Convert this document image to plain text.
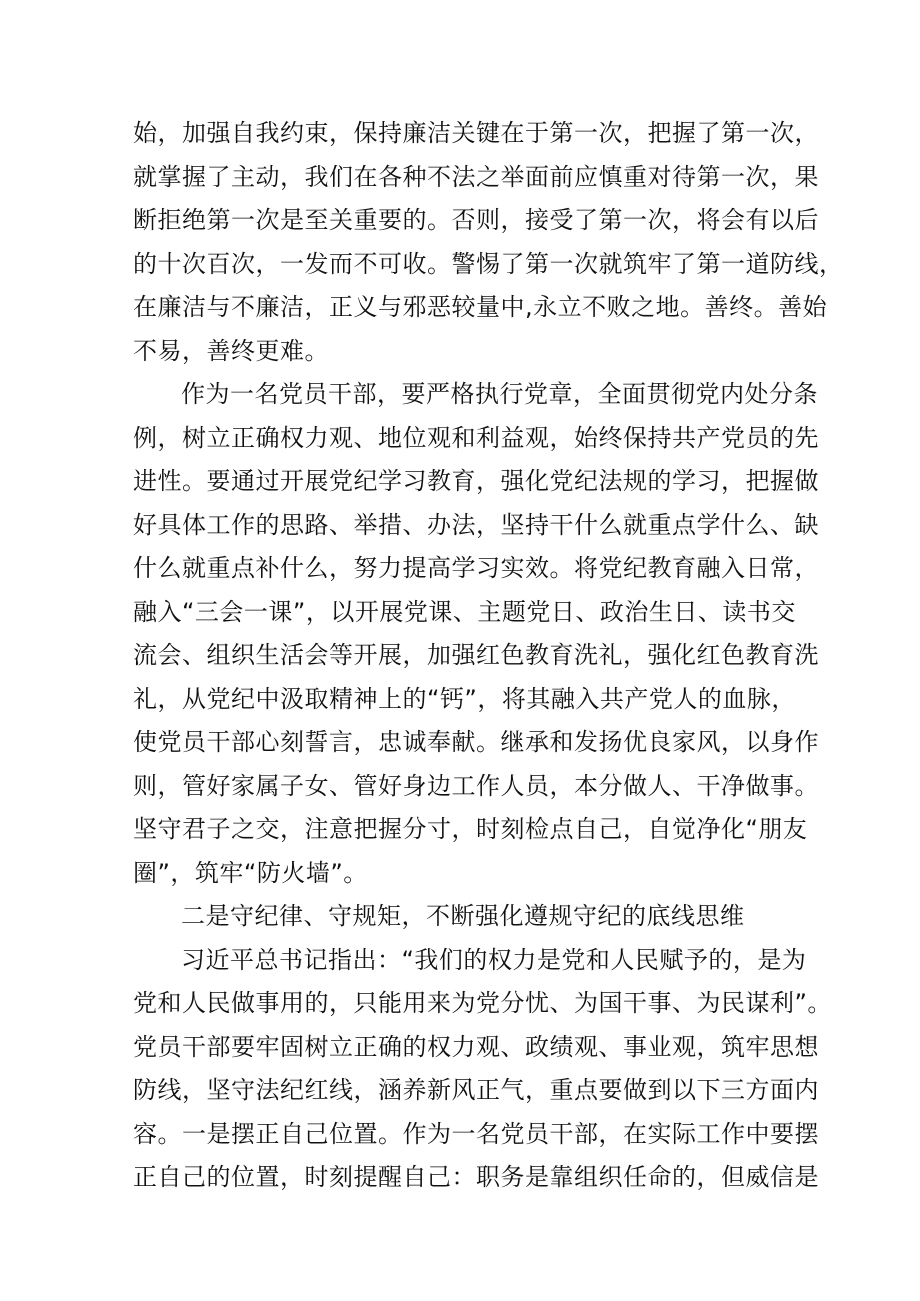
始，加强自我约束，保持廉洁关键在于第一次，把握了第一次，
就掌握了主动，我们在各种不法之举面前应慎重对待第一次，果
断拒绝第一次是至关重要的。否则，接受了第一次，将会有以后
的十次百次，一发而不可收。警惕了第一次就筑牢了第一道防线，
在廉洁与不廉洁，正义与邪恶较量中,永立不败之地。善终。善始
不易，善终更难。
作为一名党员干部，要严格执行党章，全面贯彻党内处分条
例，树立正确权力观、地位观和利益观，始终保持共产党员的先
进性。要通过开展党纪学习教育，强化党纪法规的学习，把握做
好具体工作的思路、举措、办法，坚持干什么就重点学什么、缺
什么就重点补什么，努力提高学习实效。将党纪教育融入日常，
融入“三会一课”，以开展党课、主题党日、政治生日、读书交
流会、组织生活会等开展，加强红色教育洗礼，强化红色教育洗
礼，从党纪中汲取精神上的“钙”，将其融入共产党人的血脉，
使党员干部心刻誓言，忠诚奉献。继承和发扬优良家风，以身作
则，管好家属子女、管好身边工作人员，本分做人、干净做事。
坚守君子之交，注意把握分寸，时刻检点自己，自觉净化“朋友
圈”，筑牢“防火墙”。
二是守纪律、守规矩，不断强化遵规守纪的底线思维
习近平总书记指出：“我们的权力是党和人民赋予的，是为
党和人民做事用的，只能用来为党分忧、为国干事、为民谋利”。
党员干部要牢固树立正确的权力观、政绩观、事业观，筑牢思想
防线，坚守法纪红线，涵养新风正气，重点要做到以下三方面内
容。一是摆正自己位置。作为一名党员干部，在实际工作中要摆
正自己的位置，时刻提醒自己：职务是靠组织任命的，但威信是
